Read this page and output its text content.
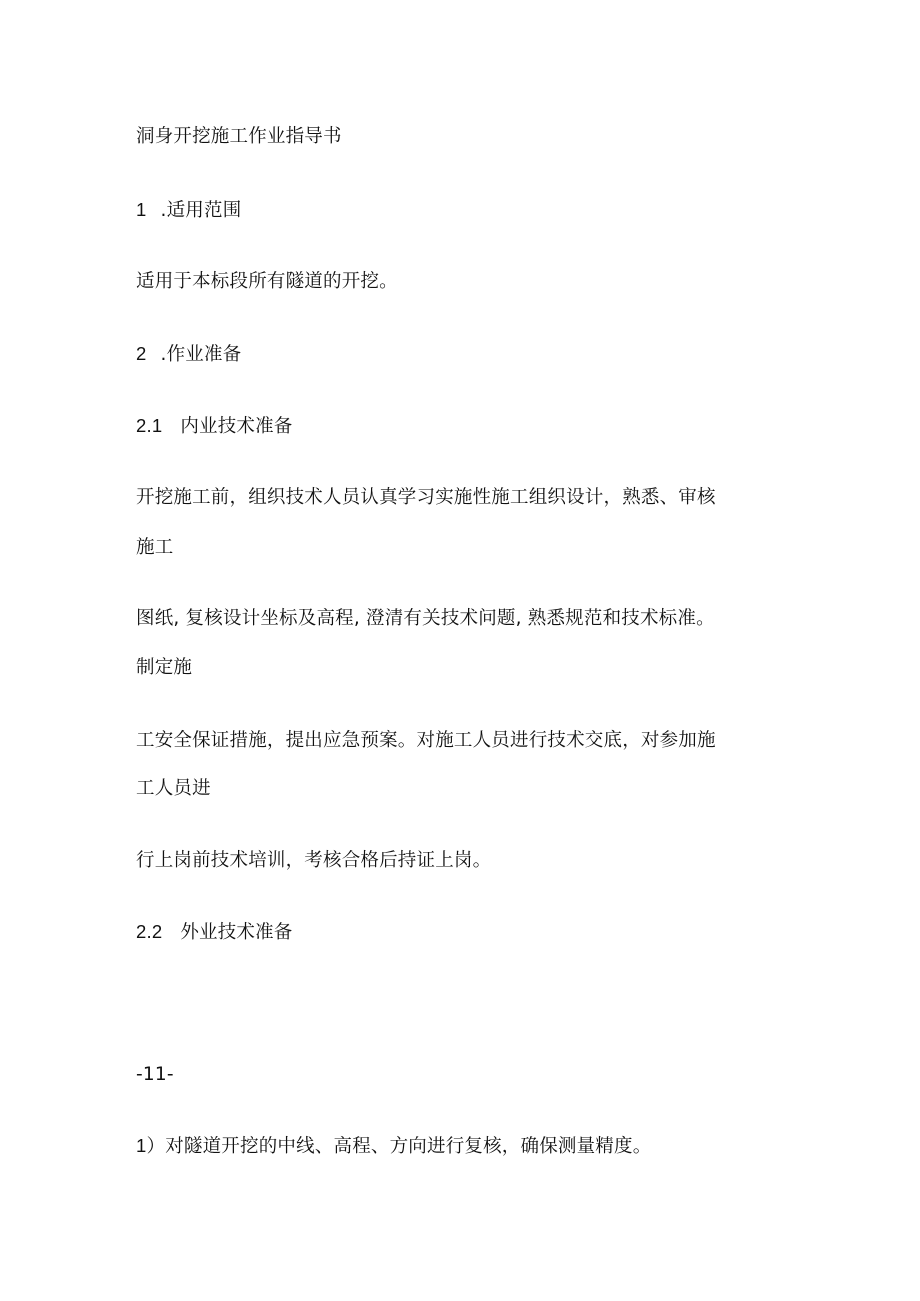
洞身开挖施工作业指导书
1 .适用范围
适用于本标段所有隧道的开挖。
2 .作业准备
2.1 内业技术准备
开挖施工前，组织技术人员认真学习实施性施工组织设计，熟悉、审核
施工
图纸, 复核设计坐标及高程, 澄清有关技术问题, 熟悉规范和技术标准。
制定施
工安全保证措施，提出应急预案。对施工人员进行技术交底，对参加施
工人员进
行上岗前技术培训，考核合格后持证上岗。
2.2 外业技术准备
-11-
1）对隧道开挖的中线、高程、方向进行复核，确保测量精度。
